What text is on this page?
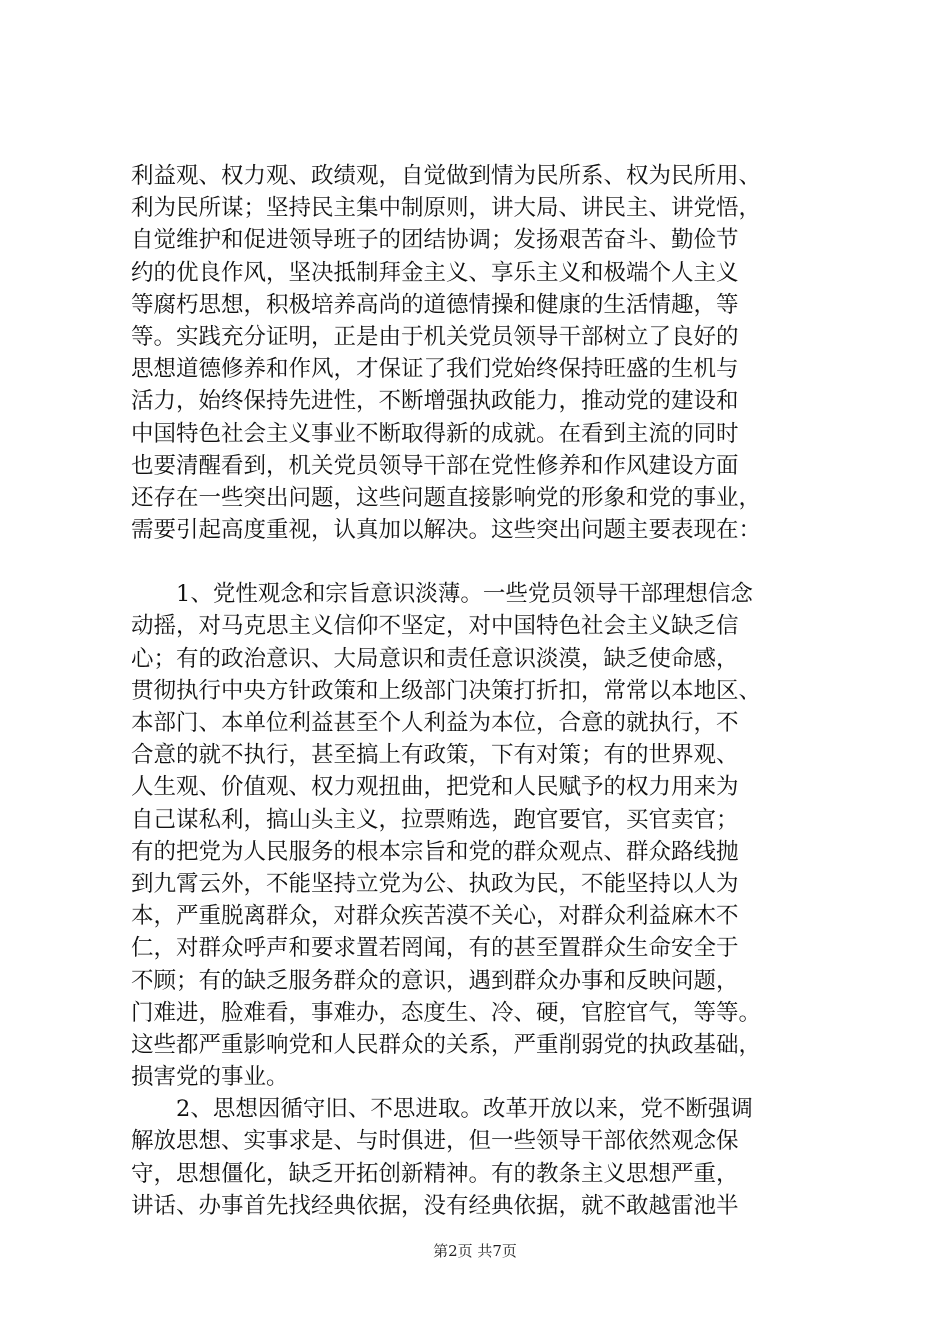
利益观、权力观、政绩观，自觉做到情为民所系、权为民所用、
利为民所谋；坚持民主集中制原则，讲大局、讲民主、讲党悟，
自觉维护和促进领导班子的团结协调；发扬艰苦奋斗、勤俭节
约的优良作风，坚决抵制拜金主义、享乐主义和极端个人主义
等腐朽思想，积极培养高尚的道德情操和健康的生活情趣，等
等。实践充分证明，正是由于机关党员领导干部树立了良好的
思想道德修养和作风，才保证了我们党始终保持旺盛的生机与
活力，始终保持先进性，不断增强执政能力，推动党的建设和
中国特色社会主义事业不断取得新的成就。在看到主流的同时
也要清醒看到，机关党员领导干部在党性修养和作风建设方面
还存在一些突出问题，这些问题直接影响党的形象和党的事业，
需要引起高度重视，认真加以解决。这些突出问题主要表现在：
　　1、党性观念和宗旨意识淡薄。一些党员领导干部理想信念
动摇，对马克思主义信仰不坚定，对中国特色社会主义缺乏信
心；有的政治意识、大局意识和责任意识淡漠，缺乏使命感，
贯彻执行中央方针政策和上级部门决策打折扣，常常以本地区、
本部门、本单位利益甚至个人利益为本位，合意的就执行，不
合意的就不执行，甚至搞上有政策，下有对策；有的世界观、
人生观、价值观、权力观扭曲，把党和人民赋予的权力用来为
自己谋私利，搞山头主义，拉票贿选，跑官要官，买官卖官；
有的把党为人民服务的根本宗旨和党的群众观点、群众路线抛
到九霄云外，不能坚持立党为公、执政为民，不能坚持以人为
本，严重脱离群众，对群众疾苦漠不关心，对群众利益麻木不
仁，对群众呼声和要求置若罔闻，有的甚至置群众生命安全于
不顾；有的缺乏服务群众的意识，遇到群众办事和反映问题，
门难进，脸难看，事难办，态度生、冷、硬，官腔官气，等等。
这些都严重影响党和人民群众的关系，严重削弱党的执政基础，
损害党的事业。
　　2、思想因循守旧、不思进取。改革开放以来，党不断强调
解放思想、实事求是、与时俱进，但一些领导干部依然观念保
守，思想僵化，缺乏开拓创新精神。有的教条主义思想严重，
讲话、办事首先找经典依据，没有经典依据，就不敢越雷池半
第2页 共7页
